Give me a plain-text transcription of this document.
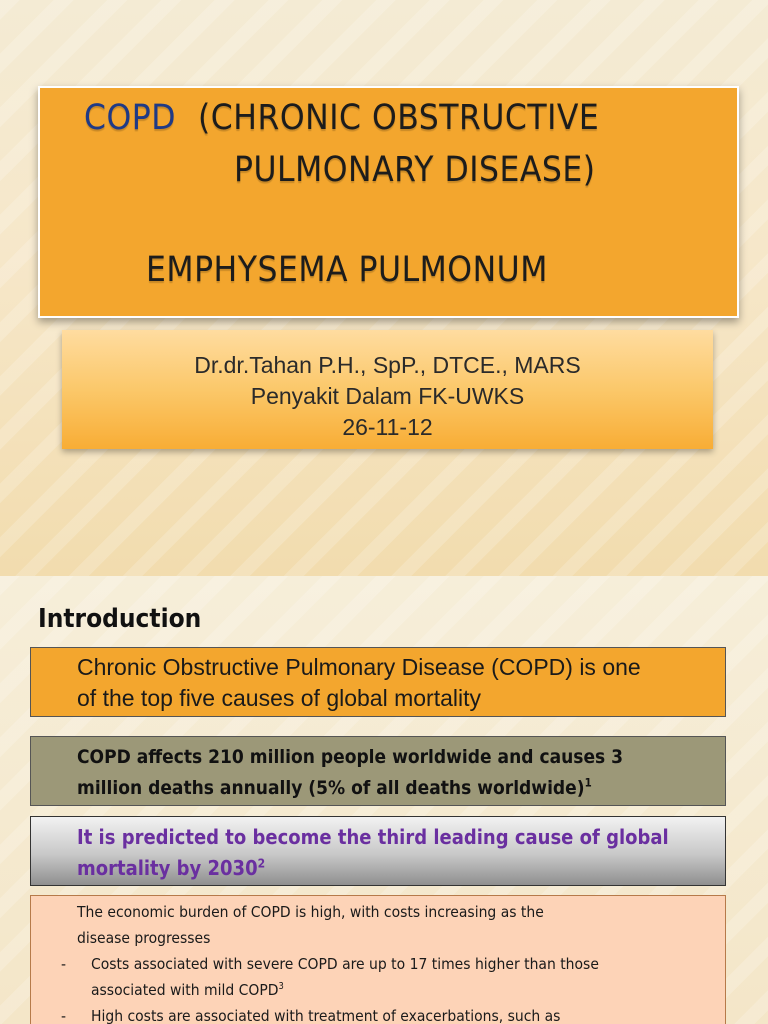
COPD (CHRONIC OBSTRUCTIVE
PULMONARY DISEASE)
EMPHYSEMA PULMONUM
Dr.dr.Tahan P.H., SpP., DTCE., MARS
Penyakit Dalam FK-UWKS
26-11-12
Introduction
Chronic Obstructive Pulmonary Disease (COPD) is one
of the top five causes of global mortality
COPD affects 210 million people worldwide and causes 3
million deaths annually (5% of all deaths worldwide)$^1$
It is predicted to become the third leading cause of global
mortality by 2030$^2$
The economic burden of COPD is high, with costs increasing as the
disease progresses
-	Costs associated with severe COPD are up to 17 times higher than those
associated with mild COPD$^3$
-	High costs are associated with treatment of exacerbations, such as
